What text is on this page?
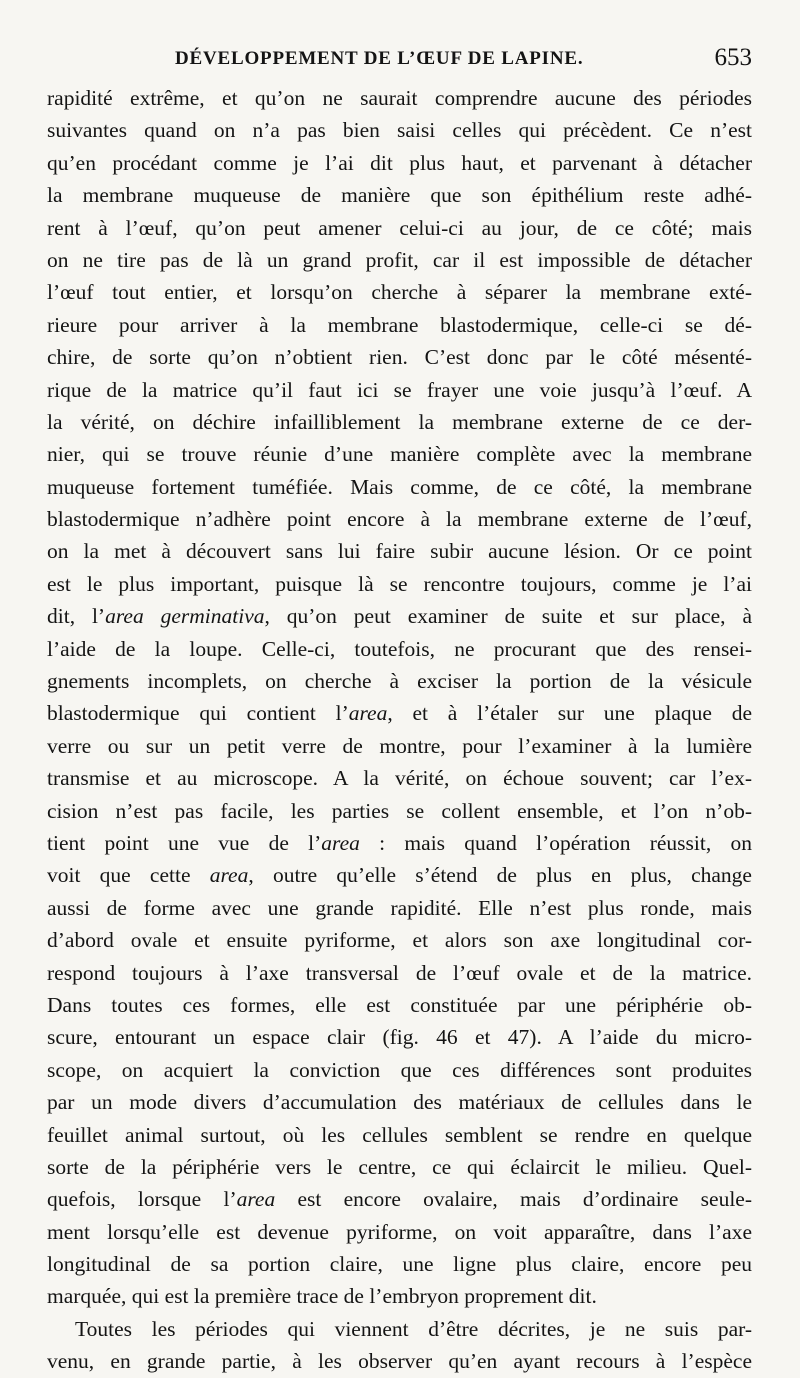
DÉVELOPPEMENT DE L’ŒUF DE LAPINE.	653
rapidité extrême, et qu’on ne saurait comprendre aucune des périodes
suivantes quand on n’a pas bien saisi celles qui précèdent. Ce n’est
qu’en procédant comme je l’ai dit plus haut, et parvenant à détacher
la membrane muqueuse de manière que son épithélium reste adhé-
rent à l’œuf, qu’on peut amener celui-ci au jour, de ce côté; mais
on ne tire pas de là un grand profit, car il est impossible de détacher
l’œuf tout entier, et lorsqu’on cherche à séparer la membrane exté-
rieure pour arriver à la membrane blastodermique, celle-ci se dé-
chire, de sorte qu’on n’obtient rien. C’est donc par le côté mésenté-
rique de la matrice qu’il faut ici se frayer une voie jusqu’à l’œuf. A
la vérité, on déchire infailliblement la membrane externe de ce der-
nier, qui se trouve réunie d’une manière complète avec la membrane
muqueuse fortement tuméfiée. Mais comme, de ce côté, la membrane
blastodermique n’adhère point encore à la membrane externe de l’œuf,
on la met à découvert sans lui faire subir aucune lésion. Or ce point
est le plus important, puisque là se rencontre toujours, comme je l’ai
dit, l’area germinativa, qu’on peut examiner de suite et sur place, à
l’aide de la loupe. Celle-ci, toutefois, ne procurant que des rensei-
gnements incomplets, on cherche à exciser la portion de la vésicule
blastodermique qui contient l’area, et à l’étaler sur une plaque de
verre ou sur un petit verre de montre, pour l’examiner à la lumière
transmise et au microscope. A la vérité, on échoue souvent; car l’ex-
cision n’est pas facile, les parties se collent ensemble, et l’on n’ob-
tient point une vue de l’area : mais quand l’opération réussit, on
voit que cette area, outre qu’elle s’étend de plus en plus, change
aussi de forme avec une grande rapidité. Elle n’est plus ronde, mais
d’abord ovale et ensuite pyriforme, et alors son axe longitudinal cor-
respond toujours à l’axe transversal de l’œuf ovale et de la matrice.
Dans toutes ces formes, elle est constituée par une périphérie ob-
scure, entourant un espace clair (fig. 46 et 47). A l’aide du micro-
scope, on acquiert la conviction que ces différences sont produites
par un mode divers d’accumulation des matériaux de cellules dans le
feuillet animal surtout, où les cellules semblent se rendre en quelque
sorte de la périphérie vers le centre, ce qui éclaircit le milieu. Quel-
quefois, lorsque l’area est encore ovalaire, mais d’ordinaire seule-
ment lorsqu’elle est devenue pyriforme, on voit apparaître, dans l’axe
longitudinal de sa portion claire, une ligne plus claire, encore peu
marquée, qui est la première trace de l’embryon proprement dit.
Toutes les périodes qui viennent d’être décrites, je ne suis par-
venu, en grande partie, à les observer qu’en ayant recours à l’espèce
